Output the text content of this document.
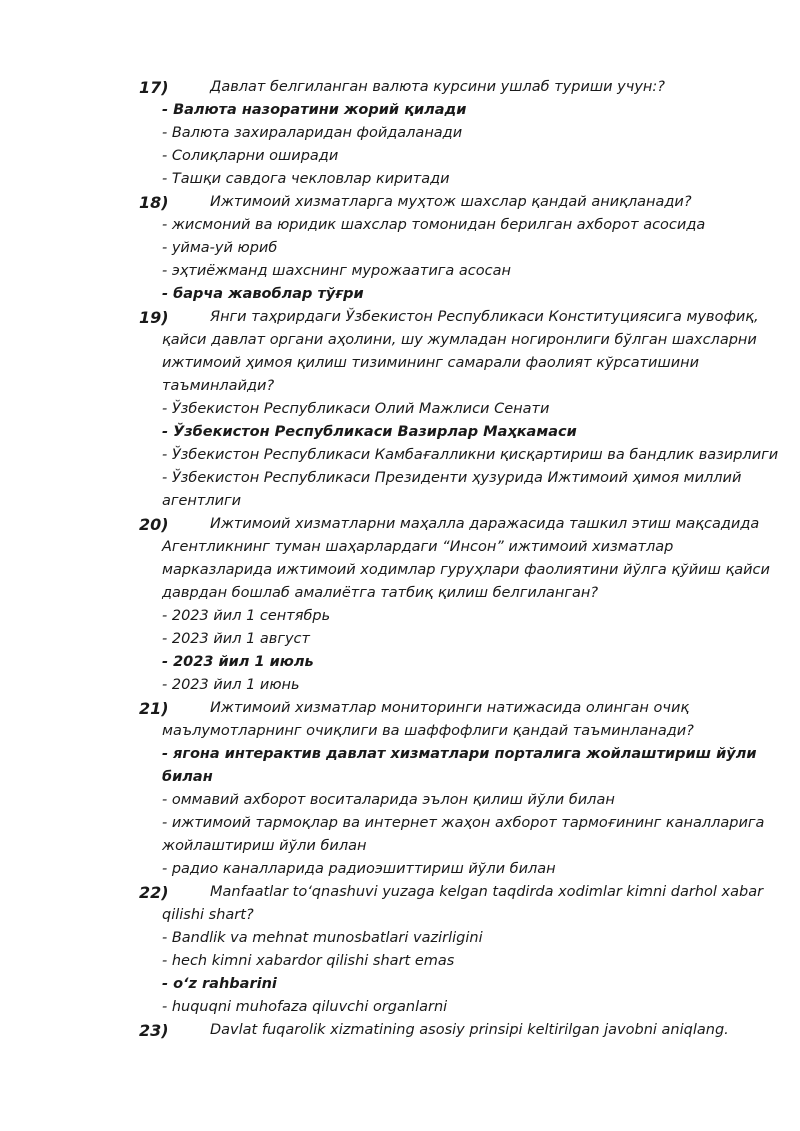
17)	Давлат белгиланган валюта курсини ушлаб туриши учун:?
- Валюта назоратини жорий қилади
- Валюта захираларидан фойдаланади
- Солиқларни оширади
- Ташқи савдога чекловлар киритади
18)	Ижтимоий хизматларга муҳтож шахслар қандай аниқланади?
- жисмоний ва юридик шахслар томонидан берилган ахборот асосида
- уйма-уй юриб
- эҳтиёжманд шахснинг мурожаатига асосан
- барча жавоблар тўғри
19)	Янги таҳрирдаги Ўзбекистон Республикаси Конституциясига мувофиқ,
қайси давлат органи аҳолини, шу жумладан ногиронлиги бўлган шахсларни
ижтимоий ҳимоя қилиш тизимининг самарали фаолият кўрсатишини
таъминлайди?
- Ўзбекистон Республикаси Олий Мажлиси Сенати
- Ўзбекистон Республикаси Вазирлар Маҳкамаси
- Ўзбекистон Республикаси Камбағалликни қисқартириш ва бандлик вазирлиги
- Ўзбекистон Республикаси Президенти ҳузурида Ижтимоий ҳимоя миллий
агентлиги
20)	Ижтимоий хизматларни маҳалла даражасида ташкил этиш мақсадида
Агентликнинг туман шаҳарлардаги “Инсон” ижтимоий хизматлар
марказларида ижтимоий ходимлар гуруҳлари фаолиятини йўлга қўйиш қайси
даврдан бошлаб амалиётга татбиқ қилиш белгиланган?
- 2023 йил 1 сентябрь
- 2023 йил 1 август
- 2023 йил 1 июль
- 2023 йил 1 июнь
21)	Ижтимоий хизматлар мониторинги натижасида олинган очиқ
маълумотларнинг очиқлиги ва шаффофлиги қандай таъминланади?
- ягона интерактив давлат хизматлари порталига жойлаштириш йўли
билан
- оммавий ахборот воситаларида эълон қилиш йўли билан
- ижтимоий тармоқлар ва интернет жаҳон ахборот тармоғининг каналларига
жойлаштириш йўли билан
- радио каналларида радиоэшиттириш йўли билан
22)	Manfaatlar toʻqnashuvi yuzaga kelgan taqdirda xodimlar kimni darhol xabar
qilishi shart?
- Bandlik va mehnat munosbatlari vazirligini
- hech kimni xabardor qilishi shart emas
- oʻz rahbarini
- huquqni muhofaza qiluvchi organlarni
23)	Davlat fuqarolik xizmatining asosiy prinsipi keltirilgan javobni aniqlang.
